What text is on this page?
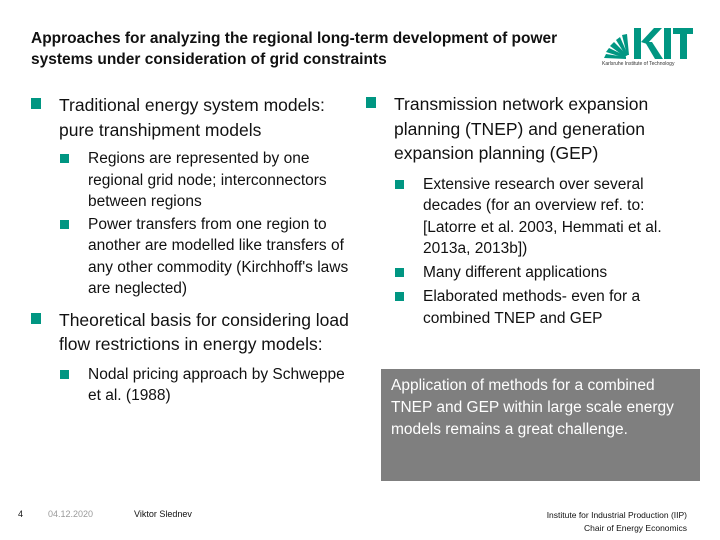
Approaches for analyzing the regional long-term development of power systems under consideration of grid constraints	Karlsruhe Institute of Technology
Traditional energy system models: pure transhipment models
Regions are represented by one regional grid node; interconnectors between regions
Power transfers from one region to another are modelled like transfers of any other commodity (Kirchhoff's laws are neglected)
Theoretical basis for considering load flow restrictions in energy models:
Nodal pricing approach by Schweppe et al. (1988)
Transmission network expansion planning (TNEP) and generation expansion planning (GEP)
Extensive research over several decades (for an overview ref. to: [Latorre et al. 2003, Hemmati et al. 2013a, 2013b])
Many different applications
Elaborated methods- even for a combined TNEP and GEP
Application of methods for a combined TNEP and GEP within large scale energy models remains a great challenge.
4	04.12.2020	Viktor Slednev	Institute for Industrial Production (IIP)
Chair of Energy Economics
